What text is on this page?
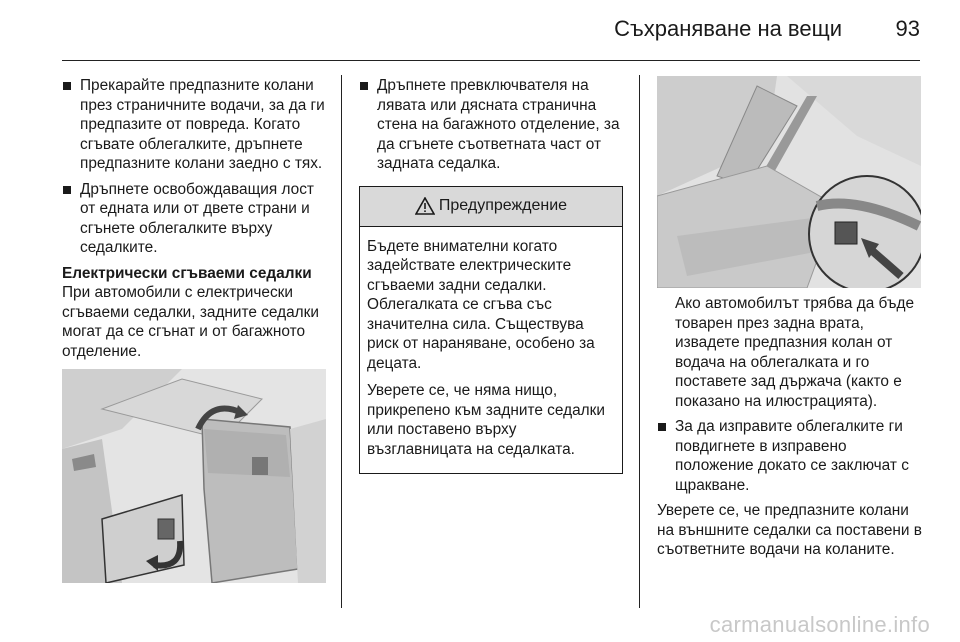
Съхраняване на вещи 93
Прекарайте предпазните колани през страничните водачи, за да ги предпазите от повреда. Когато сгъвате облегалките, дръпнете предпазните колани заедно с тях.
Дръпнете освобождаващия лост от едната или от двете страни и сгънете облегалките върху седалките.
Електрически сгъваеми седалки
При автомобили с електрически сгъваеми седалки, задните седалки могат да се сгънат и от багажното отделение.
Дръпнете превключвателя на лявата или дясната странична стена на багажното отделение, за да сгънете съответната част от задната седалка.
Предупреждение
Бъдете внимателни когато задействате електрическите сгъваеми задни седалки. Облегалката се сгъва със значителна сила. Съществува риск от нараняване, особено за децата.
Уверете се, че няма нищо, прикрепено към задните седалки или поставено върху възглавницата на седалката.
Ако автомобилът трябва да бъде товарен през задна врата, извадете предпазния колан от водача на облегалката и го поставете зад държача (както е показано на илюстрацията).
За да изправите облегалките ги повдигнете в изправено положение докато се заключат с щракване.
Уверете се, че предпазните колани на външните седалки са поставени в съответните водачи на коланите.
carmanualsonline.info
